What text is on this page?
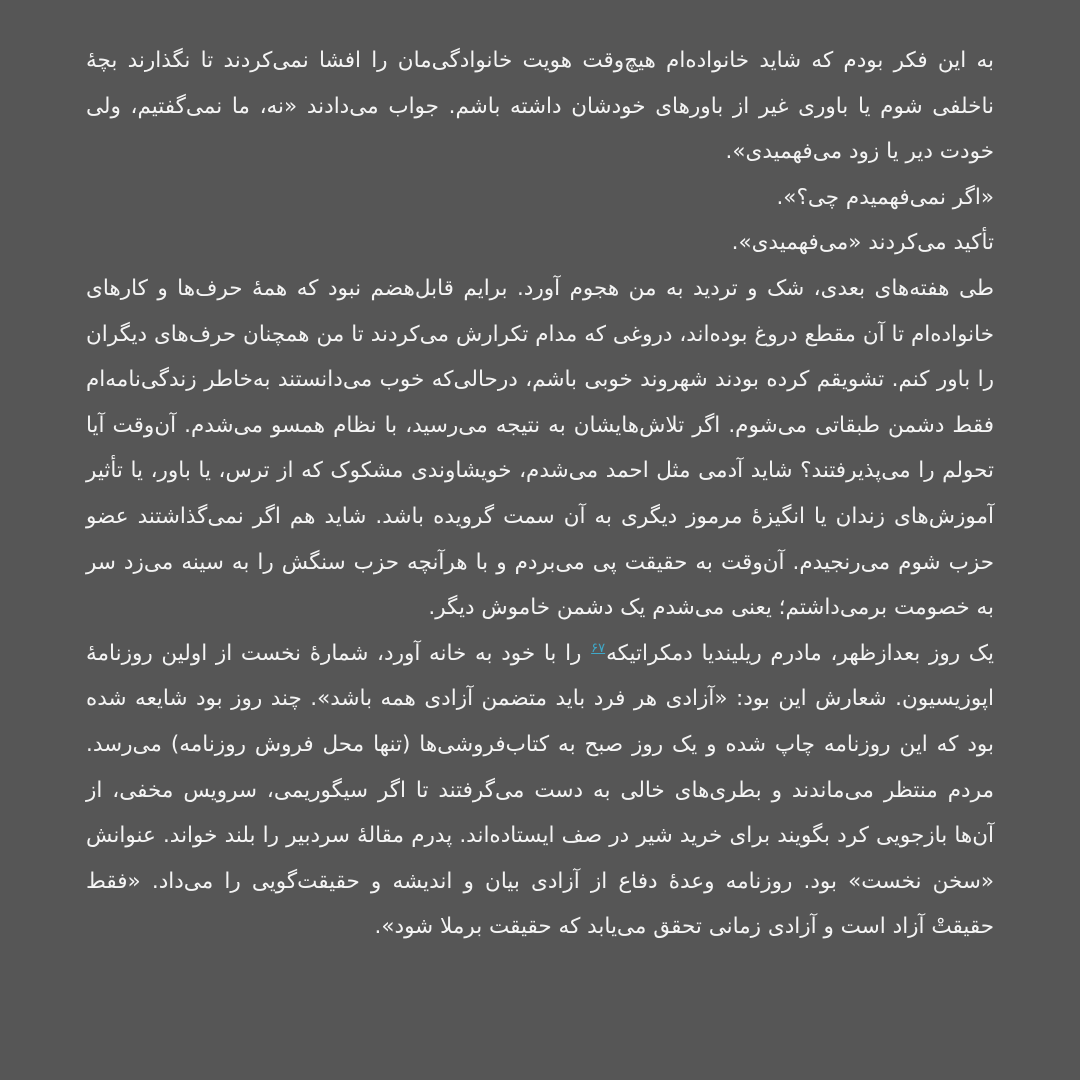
به این فکر بودم که شاید خانواده‌ام هیچ‌وقت هویت خانوادگی‌مان را افشا نمی‌کردند تا نگذارند بچهٔ ناخلفی شوم یا باوری غیر از باورهای خودشان داشته باشم. جواب می‌دادند «نه، ما نمی‌گفتیم، ولی خودت دیر یا زود می‌فهمیدی».

«اگر نمی‌فهمیدم چی؟».

تأکید می‌کردند «می‌فهمیدی».

طی هفته‌های بعدی، شک و تردید به من هجوم آورد. برایم قابل‌هضم نبود که همهٔ حرف‌ها و کارهای خانواده‌ام تا آن مقطع دروغ بوده‌اند، دروغی که مدام تکرارش می‌کردند تا من همچنان حرف‌های دیگران را باور کنم. تشویقم کرده بودند شهروند خوبی باشم، درحالی‌که خوب می‌دانستند به‌خاطر زندگی‌نامه‌ام فقط دشمن طبقاتی می‌شوم. اگر تلاش‌هایشان به نتیجه می‌رسید، با نظام همسو می‌شدم. آن‌وقت آیا تحولم را می‌پذیرفتند؟ شاید آدمی مثل احمد می‌شدم، خویشاوندی مشکوک که از ترس، یا باور، یا تأثیر آموزش‌های زندان یا انگیزهٔ مرموز دیگری به آن سمت گرویده باشد. شاید هم اگر نمی‌گذاشتند عضو حزب شوم می‌رنجیدم. آن‌وقت به حقیقت پی می‌بردم و با هرآنچه حزب سنگش را به سینه می‌زد سر به خصومت برمی‌داشتم؛ یعنی می‌شدم یک دشمن خاموش دیگر.

یک روز بعدازظهر، مادرم ریلیندیا دمکراتیکه$^{۶۷}$ را با خود به خانه آورد، شمارهٔ نخست از اولین روزنامهٔ اپوزیسیون. شعارش این بود: «آزادی هر فرد باید متضمن آزادی همه باشد». چند روز بود شایعه شده بود که این روزنامه چاپ شده و یک روز صبح به کتاب‌فروشی‌ها (تنها محل فروش روزنامه) می‌رسد. مردم منتظر می‌ماندند و بطری‌های خالی به دست می‌گرفتند تا اگر سیگوریمی، سرویس مخفی، از آن‌ها بازجویی کرد بگویند برای خرید شیر در صف ایستاده‌اند. پدرم مقالهٔ سردبیر را بلند خواند. عنوانش «سخن نخست» بود. روزنامه وعدهٔ دفاع از آزادی بیان و اندیشه و حقیقت‌گویی را می‌داد. «فقط حقیقتْ آزاد است و آزادی زمانی تحقق می‌یابد که حقیقت برملا شود».
